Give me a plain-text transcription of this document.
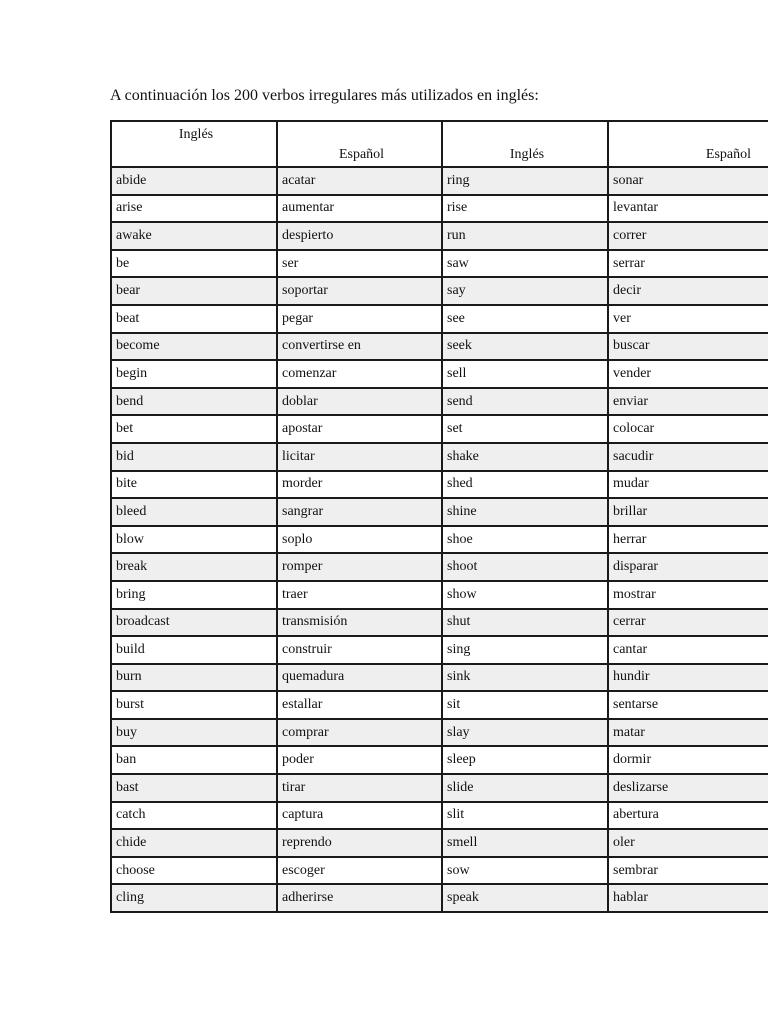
A continuación los 200 verbos irregulares más utilizados en inglés:
Inglés	Español	Inglés	Español
abide	acatar	ring	sonar
arise	aumentar	rise	levantar
awake	despierto	run	correr
be	ser	saw	serrar
bear	soportar	say	decir
beat	pegar	see	ver
become	convertirse en	seek	buscar
begin	comenzar	sell	vender
bend	doblar	send	enviar
bet	apostar	set	colocar
bid	licitar	shake	sacudir
bite	morder	shed	mudar
bleed	sangrar	shine	brillar
blow	soplo	shoe	herrar
break	romper	shoot	disparar
bring	traer	show	mostrar
broadcast	transmisión	shut	cerrar
build	construir	sing	cantar
burn	quemadura	sink	hundir
burst	estallar	sit	sentarse
buy	comprar	slay	matar
ban	poder	sleep	dormir
bast	tirar	slide	deslizarse
catch	captura	slit	abertura
chide	reprendo	smell	oler
choose	escoger	sow	sembrar
cling	adherirse	speak	hablar
